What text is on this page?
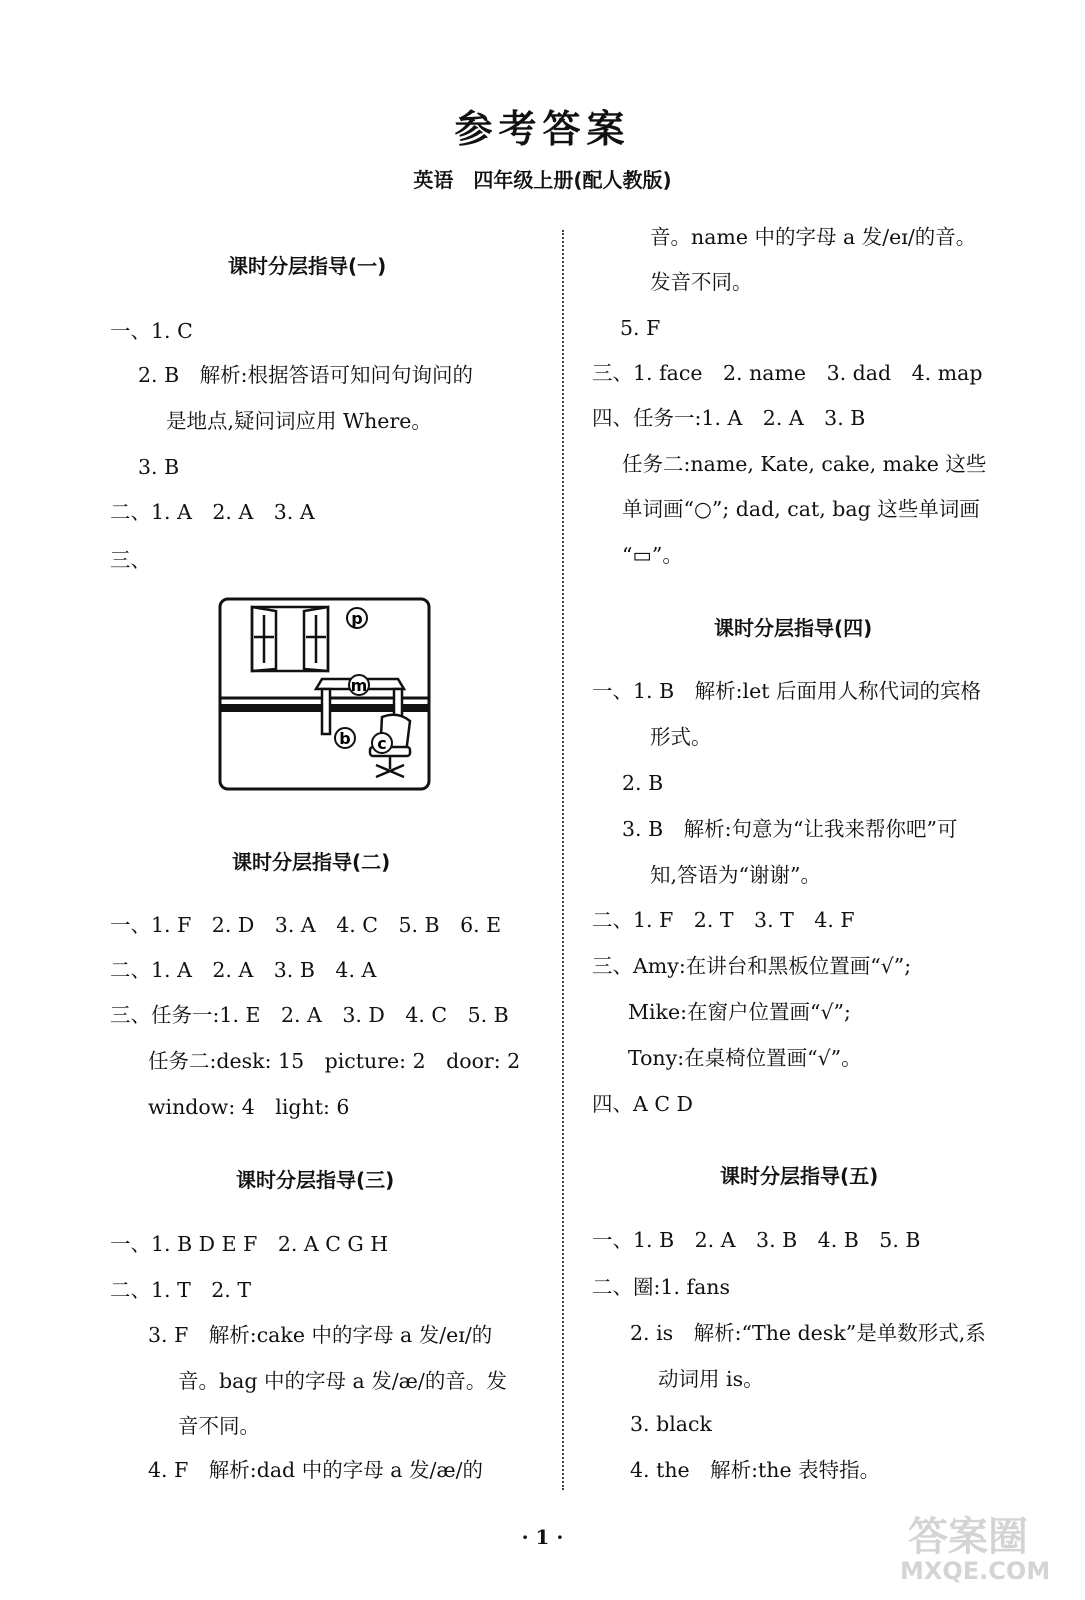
参考答案
英语　四年级上册(配人教版)
课时分层指导(一)
一、1. C
2. B　解析:根据答语可知问句询问的
是地点,疑问词应用 Where。
3. B
二、1. A　2. A　3. A
三、
课时分层指导(二)
一、1. F　2. D　3. A　4. C　5. B　6. E
二、1. A　2. A　3. B　4. A
三、任务一:1. E　2. A　3. D　4. C　5. B
任务二:desk: 15　picture: 2　door: 2
window: 4　light: 6
课时分层指导(三)
一、1. B D E F　2. A C G H
二、1. T　2. T
3. F　解析:cake 中的字母 a 发/eɪ/的
音。bag 中的字母 a 发/æ/的音。发
音不同。
4. F　解析:dad 中的字母 a 发/æ/的
p
m
b c
音。name 中的字母 a 发/eɪ/的音。
发音不同。
5. F
三、1. face　2. name　3. dad　4. map
四、任务一:1. A　2. A　3. B
任务二:name, Kate, cake, make 这些
单词画“○”; dad, cat, bag 这些单词画
“▭”。
课时分层指导(四)
一、1. B　解析:let 后面用人称代词的宾格
形式。
2. B
3. B　解析:句意为“让我来帮你吧”可
知,答语为“谢谢”。
二、1. F　2. T　3. T　4. F
三、Amy:在讲台和黑板位置画“√”;
Mike:在窗户位置画“√”;
Tony:在桌椅位置画“√”。
四、A C D
课时分层指导(五)
一、1. B　2. A　3. B　4. B　5. B
二、圈:1. fans
2. is　解析:“The desk”是单数形式,系
动词用 is。
3. black
4. the　解析:the 表特指。
· 1 ·	答案圈
MXQE.COM
